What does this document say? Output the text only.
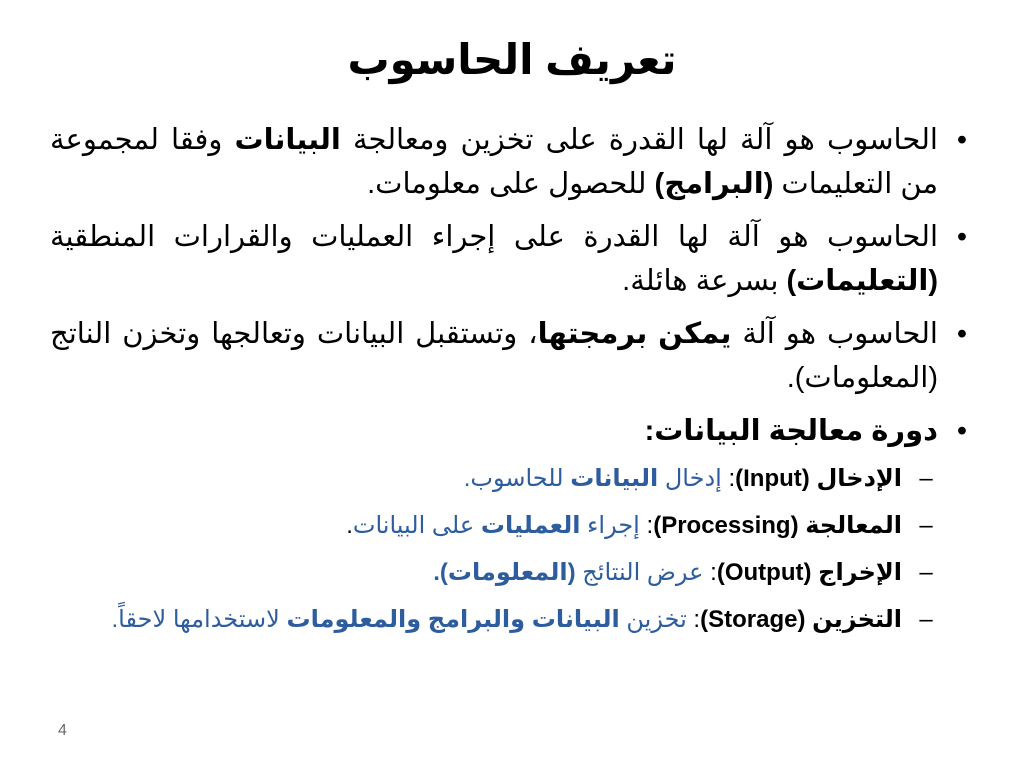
تعريف الحاسوب
•
الحاسوب هو آلة لها القدرة على تخزين ومعالجة البيانات وفقا لمجموعة من التعليمات (البرامج) للحصول على معلومات.
•
الحاسوب هو آلة لها القدرة على إجراء العمليات والقرارات المنطقية (التعليمات) بسرعة هائلة.
•
الحاسوب هو آلة يمكن برمجتها، وتستقبل البيانات وتعالجها وتخزن الناتج (المعلومات).
•
دورة معالجة البيانات:
–
الإدخال (Input): إدخال البيانات للحاسوب.
–
المعالجة (Processing): إجراء العمليات على البيانات.
–
الإخراج (Output): عرض النتائج (المعلومات).
–
التخزين (Storage): تخزين البيانات والبرامج والمعلومات لاستخدامها لاحقاً.
4
